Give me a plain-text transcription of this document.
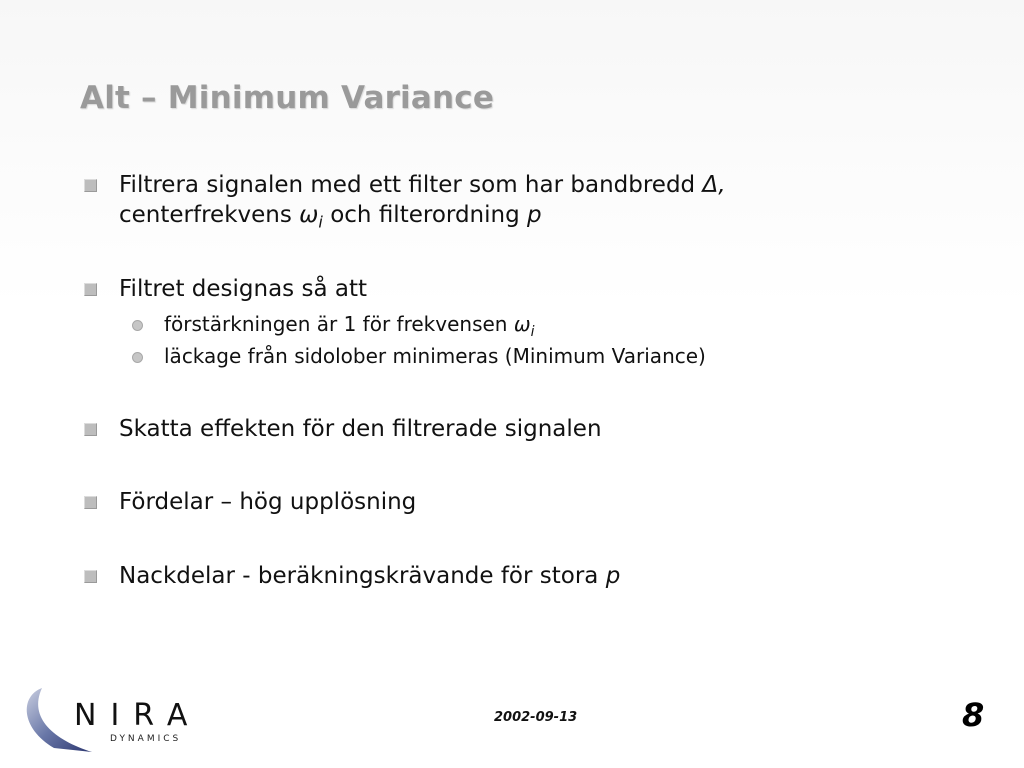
Alt – Minimum Variance
Filtrera signalen med ett filter som har bandbredd Δ,
centerfrekvens $\omega_i$ och filterordning p
Filtret designas så att
förstärkningen är 1 för frekvensen $\omega_i$
läckage från sidolober minimeras (Minimum Variance)
Skatta effekten för den filtrerade signalen
Fördelar – hög upplösning
Nackdelar - beräkningskrävande för stora p
NIRA
DYNAMICS
2002-09-13	8
